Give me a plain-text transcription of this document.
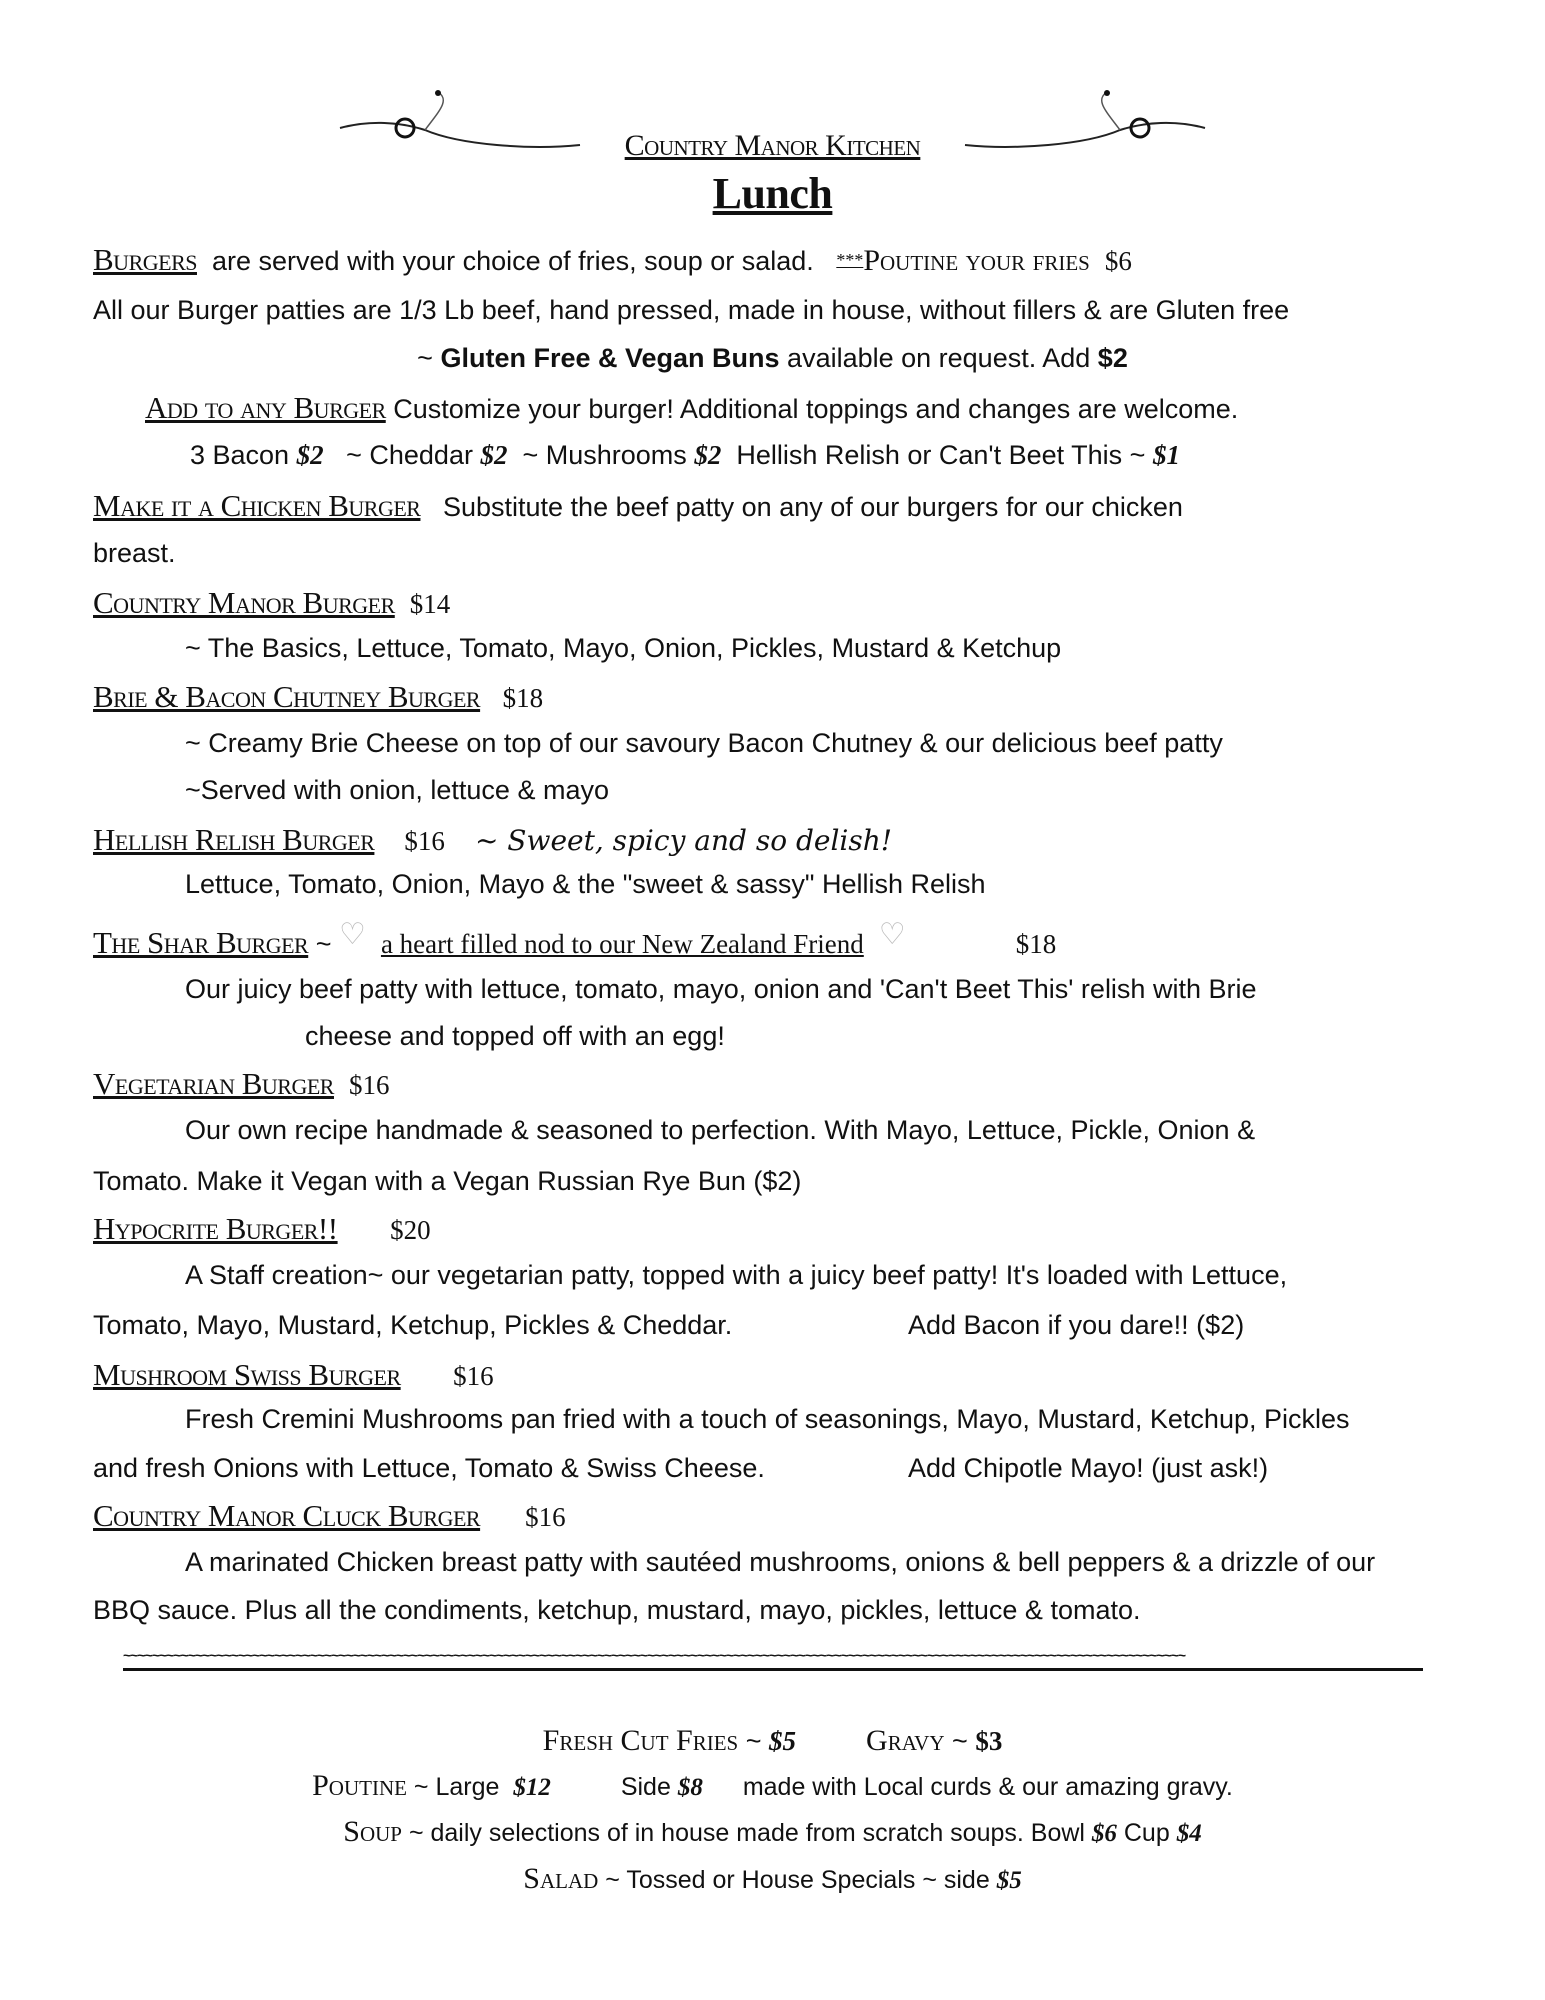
Country Manor Kitchen
Lunch
Burgers are served with your choice of fries, soup or salad. ***Poutine your fries $6
All our Burger patties are 1/3 Lb beef, hand pressed, made in house, without fillers & are Gluten free
~ Gluten Free & Vegan Buns available on request. Add $2
Add to any Burger Customize your burger! Additional toppings and changes are welcome.
3 Bacon $2 ~ Cheddar $2 ~ Mushrooms $2 Hellish Relish or Can't Beet This ~ $1
Make it a Chicken Burger Substitute the beef patty on any of our burgers for our chicken
breast.
Country Manor Burger $14
~ The Basics, Lettuce, Tomato, Mayo, Onion, Pickles, Mustard & Ketchup
Brie & Bacon Chutney Burger $18
~ Creamy Brie Cheese on top of our savoury Bacon Chutney & our delicious beef patty
~Served with onion, lettuce & mayo
Hellish Relish Burger $16 ~ Sweet, spicy and so delish!
Lettuce, Tomato, Onion, Mayo & the "sweet & sassy" Hellish Relish
The Shar Burger ~ ♡ a heart filled nod to our New Zealand Friend ♡	$18
Our juicy beef patty with lettuce, tomato, mayo, onion and 'Can't Beet This' relish with Brie
cheese and topped off with an egg!
Vegetarian Burger $16
Our own recipe handmade & seasoned to perfection. With Mayo, Lettuce, Pickle, Onion &
Tomato. Make it Vegan with a Vegan Russian Rye Bun ($2)
Hypocrite Burger!! $20
A Staff creation~ our vegetarian patty, topped with a juicy beef patty! It's loaded with Lettuce,
Tomato, Mayo, Mustard, Ketchup, Pickles & Cheddar.	Add Bacon if you dare!! ($2)
Mushroom Swiss Burger $16
Fresh Cremini Mushrooms pan fried with a touch of seasonings, Mayo, Mustard, Ketchup, Pickles
and fresh Onions with Lettuce, Tomato & Swiss Cheese.	Add Chipotle Mayo! (just ask!)
Country Manor Cluck Burger $16
A marinated Chicken breast patty with sautéed mushrooms, onions & bell peppers & a drizzle of our
BBQ sauce. Plus all the condiments, ketchup, mustard, mayo, pickles, lettuce & tomato.
~~~~~~~~~~~~~~~~~~~~~~~~~~~~~~~~~~~~~~~~~~~~~~~~~~~~~~~~~~~~~~~~~~~~~~~~~~~~~~~~~~~~~~~~~~~~~~~~~~~~~~~~~~~~~~~~~~~~~~~~~~~~~~~~~~~~~~~~~~~~~~~~~~~~
Fresh Cut Fries ~ $5 Gravy ~ $3
Poutine ~ Large $12	Side $8 made with Local curds & our amazing gravy.
Soup ~ daily selections of in house made from scratch soups. Bowl $6 Cup $4
Salad ~ Tossed or House Specials ~ side $5
